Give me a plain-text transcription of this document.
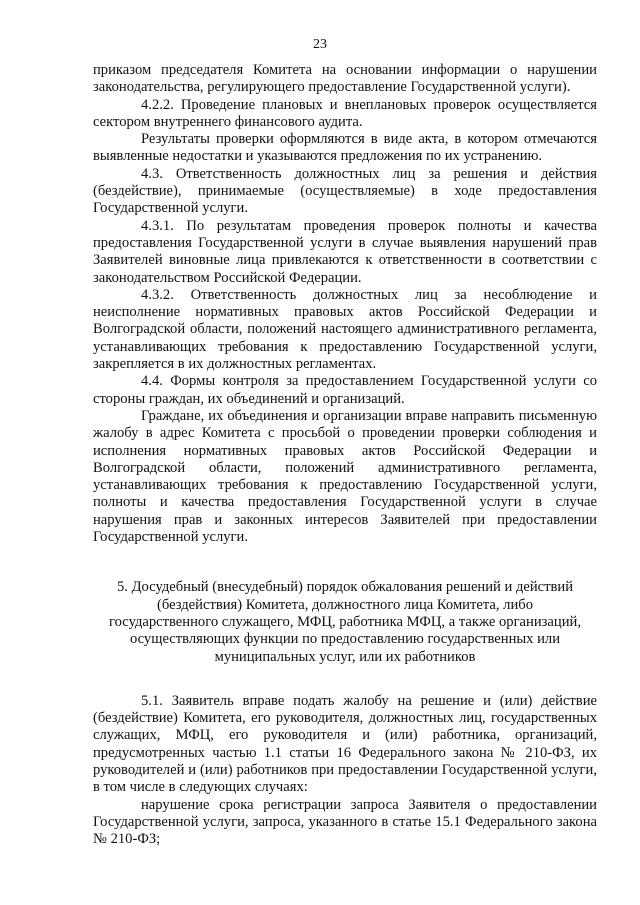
23

приказом председателя Комитета на основании информации о нарушении законодательства, регулирующего предоставление Государственной услуги).

4.2.2. Проведение плановых и внеплановых проверок осуществляется сектором внутреннего финансового аудита.

Результаты проверки оформляются в виде акта, в котором отмечаются выявленные недостатки и указываются предложения по их устранению.

4.3. Ответственность должностных лиц за решения и действия (бездействие), принимаемые (осуществляемые) в ходе предоставления Государственной услуги.

4.3.1. По результатам проведения проверок полноты и качества предоставления Государственной услуги в случае выявления нарушений прав Заявителей виновные лица привлекаются к ответственности в соответствии с законодательством Российской Федерации.

4.3.2. Ответственность должностных лиц за несоблюдение и неисполнение нормативных правовых актов Российской Федерации и Волгоградской области, положений настоящего административного регламента, устанавливающих требования к предоставлению Государственной услуги, закрепляется в их должностных регламентах.

4.4. Формы контроля за предоставлением Государственной услуги со стороны граждан, их объединений и организаций.

Граждане, их объединения и организации вправе направить письменную жалобу в адрес Комитета с просьбой о проведении проверки соблюдения и исполнения нормативных правовых актов Российской Федерации и Волгоградской области, положений административного регламента, устанавливающих требования к предоставлению Государственной услуги, полноты и качества предоставления Государственной услуги в случае нарушения прав и законных интересов Заявителей при предоставлении Государственной услуги.

5. Досудебный (внесудебный) порядок обжалования решений и действий (бездействия) Комитета, должностного лица Комитета, либо государственного служащего, МФЦ, работника МФЦ, а также организаций, осуществляющих функции по предоставлению государственных или муниципальных услуг, или их работников

5.1. Заявитель вправе подать жалобу на решение и (или) действие (бездействие) Комитета, его руководителя, должностных лиц, государственных служащих, МФЦ, его руководителя и (или) работника, организаций, предусмотренных частью 1.1 статьи 16 Федерального закона № 210-ФЗ, их руководителей и (или) работников при предоставлении Государственной услуги, в том числе в следующих случаях:

нарушение срока регистрации запроса Заявителя о предоставлении Государственной услуги, запроса, указанного в статье 15.1 Федерального закона № 210-ФЗ;
